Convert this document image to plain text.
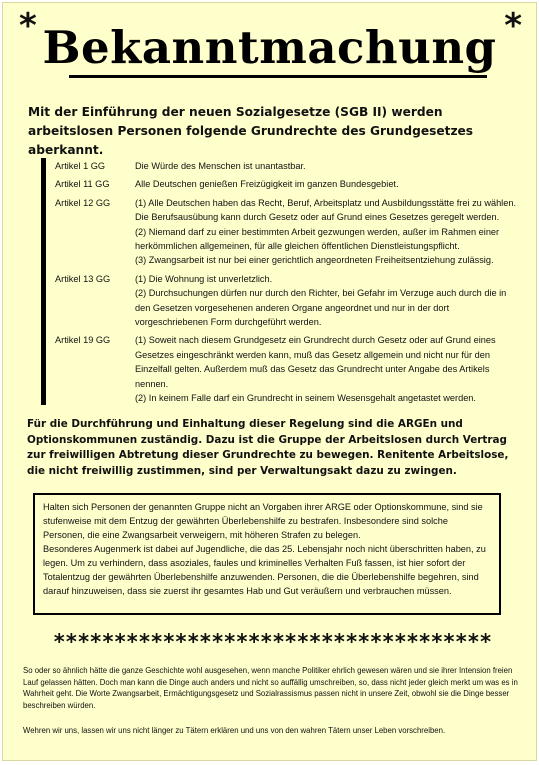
*	*
Bekanntmachung
Mit der Einführung der neuen Sozialgesetze (SGB II) werden arbeitslosen Personen folgende Grundrechte des Grundgesetzes aberkannt.
Artikel 1 GG	Die Würde des Menschen ist unantastbar.

Artikel 11 GG	Alle Deutschen genießen Freizügigkeit im ganzen Bundesgebiet.

Artikel 12 GG	(1) Alle Deutschen haben das Recht, Beruf, Arbeitsplatz und Ausbildungsstätte frei zu wählen. Die Berufsausübung kann durch Gesetz oder auf Grund eines Gesetzes geregelt werden.

(2) Niemand darf zu einer bestimmten Arbeit gezwungen werden, außer im Rahmen einer herkömmlichen allgemeinen, für alle gleichen öffentlichen Dienstleistungspflicht.

(3) Zwangsarbeit ist nur bei einer gerichtlich angeordneten Freiheitsentziehung zulässig.

Artikel 13 GG	(1) Die Wohnung ist unverletzlich.

(2) Durchsuchungen dürfen nur durch den Richter, bei Gefahr im Verzuge auch durch die in den Gesetzen vorgesehenen anderen Organe angeordnet und nur in der dort vorgeschriebenen Form durchgeführt werden.

Artikel 19 GG	(1) Soweit nach diesem Grundgesetz ein Grundrecht durch Gesetz oder auf Grund eines Gesetzes eingeschränkt werden kann, muß das Gesetz allgemein und nicht nur für den Einzelfall gelten. Außerdem muß das Gesetz das Grundrecht unter Angabe des Artikels nennen.

(2) In keinem Falle darf ein Grundrecht in seinem Wesensgehalt angetastet werden.

Für die Durchführung und Einhaltung dieser Regelung sind die ARGEn und Optionskommunen zuständig. Dazu ist die Gruppe der Arbeitslosen durch Vertrag zur freiwilligen Abtretung dieser Grundrechte zu bewegen. Renitente Arbeitslose, die nicht freiwillig zustimmen, sind per Verwaltungsakt dazu zu zwingen.

Halten sich Personen der genannten Gruppe nicht an Vorgaben ihrer ARGE oder Optionskommune, sind sie stufenweise mit dem Entzug der gewährten Überlebenshilfe zu bestrafen. Insbesondere sind solche Personen, die eine Zwangsarbeit verweigern, mit höheren Strafen zu belegen.

Besonderes Augenmerk ist dabei auf Jugendliche, die das 25. Lebensjahr noch nicht überschritten haben, zu legen. Um zu verhindern, dass asoziales, faules und kriminelles Verhalten Fuß fassen, ist hier sofort der Totalentzug der gewährten Überlebenshilfe anzuwenden. Personen, die die Überlebenshilfe begehren, sind darauf hinzuweisen, dass sie zuerst ihr gesamtes Hab und Gut veräußern und verbrauchen müssen.

************************************

So oder so ähnlich hätte die ganze Geschichte wohl ausgesehen, wenn manche Politiker ehrlich gewesen wären und sie ihrer Intension freien Lauf gelassen hätten. Doch man kann die Dinge auch anders und nicht so auffällig umschreiben, so, dass nicht jeder gleich merkt um was es in Wahrheit geht. Die Worte Zwangsarbeit, Ermächtigungsgesetz und Sozialrassismus passen nicht in unsere Zeit, obwohl sie die Dinge besser beschreiben würden.

Wehren wir uns, lassen wir uns nicht länger zu Tätern erklären und uns von den wahren Tätern unser Leben vorschreiben.
